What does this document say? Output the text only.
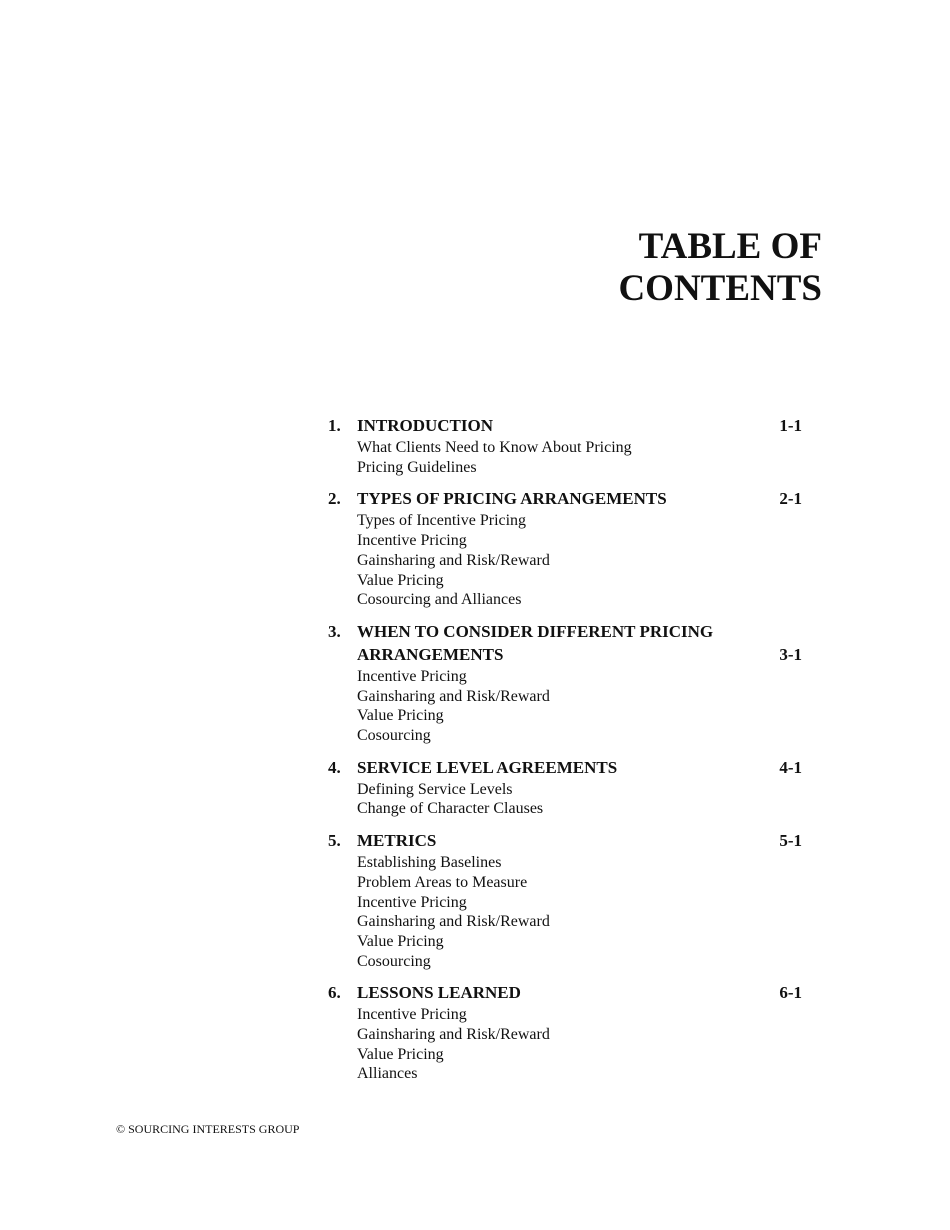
TABLE OF
CONTENTS
1. INTRODUCTION	1-1
What Clients Need to Know About Pricing
Pricing Guidelines
2. TYPES OF PRICING ARRANGEMENTS	2-1
Types of Incentive Pricing
Incentive Pricing
Gainsharing and Risk/Reward
Value Pricing
Cosourcing and Alliances
3. WHEN TO CONSIDER DIFFERENT PRICING
ARRANGEMENTS	3-1
Incentive Pricing
Gainsharing and Risk/Reward
Value Pricing
Cosourcing
4. SERVICE LEVEL AGREEMENTS	4-1
Defining Service Levels
Change of Character Clauses
5. METRICS	5-1
Establishing Baselines
Problem Areas to Measure
Incentive Pricing
Gainsharing and Risk/Reward
Value Pricing
Cosourcing
6. LESSONS LEARNED	6-1
Incentive Pricing
Gainsharing and Risk/Reward
Value Pricing
Alliances
© SOURCING INTERESTS GROUP
